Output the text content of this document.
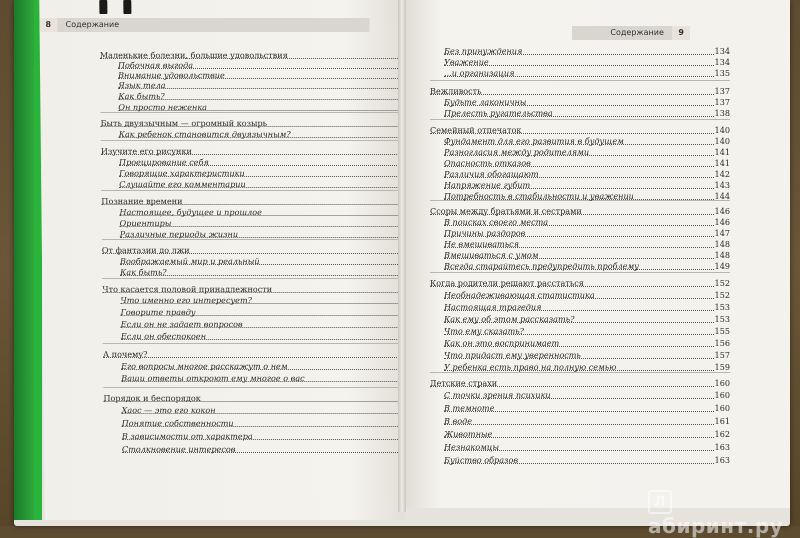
8 Содержание
Маленькие болезни, большие удовольствия
Побочная выгода
Внимание удовольствие
Язык тела
Как быть?
Он просто неженка
Быть двуязычным — огромный козырь
Как ребенок становится двуязычным?
Изучите его рисунки
Проецирование себя
Говорящие характеристики
Слушайте его комментарии
Познание времени
Настоящее, будущее и прошлое
Ориентиры
Различные периоды жизни
От фантазии до лжи
Воображаемый мир и реальный
Как быть?
Что касается половой принадлежности
Что именно его интересует?
Говорите правду
Если он не задает вопросов
Если он обеспокоен
А почему?
Его вопросы многое расскажут о нем
Ваши ответы откроют ему многое о вас
Порядок и беспорядок
Хаос — это его кокон
Понятие собственности
В зависимости от характера
Столкновение интересов
Содержание 9
Без принуждения	134
Уважение	134
...и организация	135
Вежливость	137
Будьте лаконичны	137
Прелесть ругательства	138
Семейный отпечаток	140
Фундамент для его развития в будущем	140
Разногласия между родителями	141
Опасность отказов	141
Различия обогащают	142
Напряжение губит	143
Потребность в стабильности и уважении	144
Ссоры между братьями и сестрами	146
В поисках своего места	146
Причины раздоров	147
Не вмешиваться	148
Вмешиваться с умом	148
Всегда старайтесь предупредить проблему	149
Когда родители решают расстаться	152
Необнадеживающая статистика	152
Настоящая трагедия	153
Как ему об этом рассказать?	153
Что ему сказать?	155
Как он это воспринимает	156
Что придаст ему уверенность	157
У ребенка есть право на полную семью	159
Детские страхи	160
С точки зрения психики	160
В темноте	160
В воде	161
Животные	162
Незнакомцы	163
Буйство образов	163
Лабиринт.ру
